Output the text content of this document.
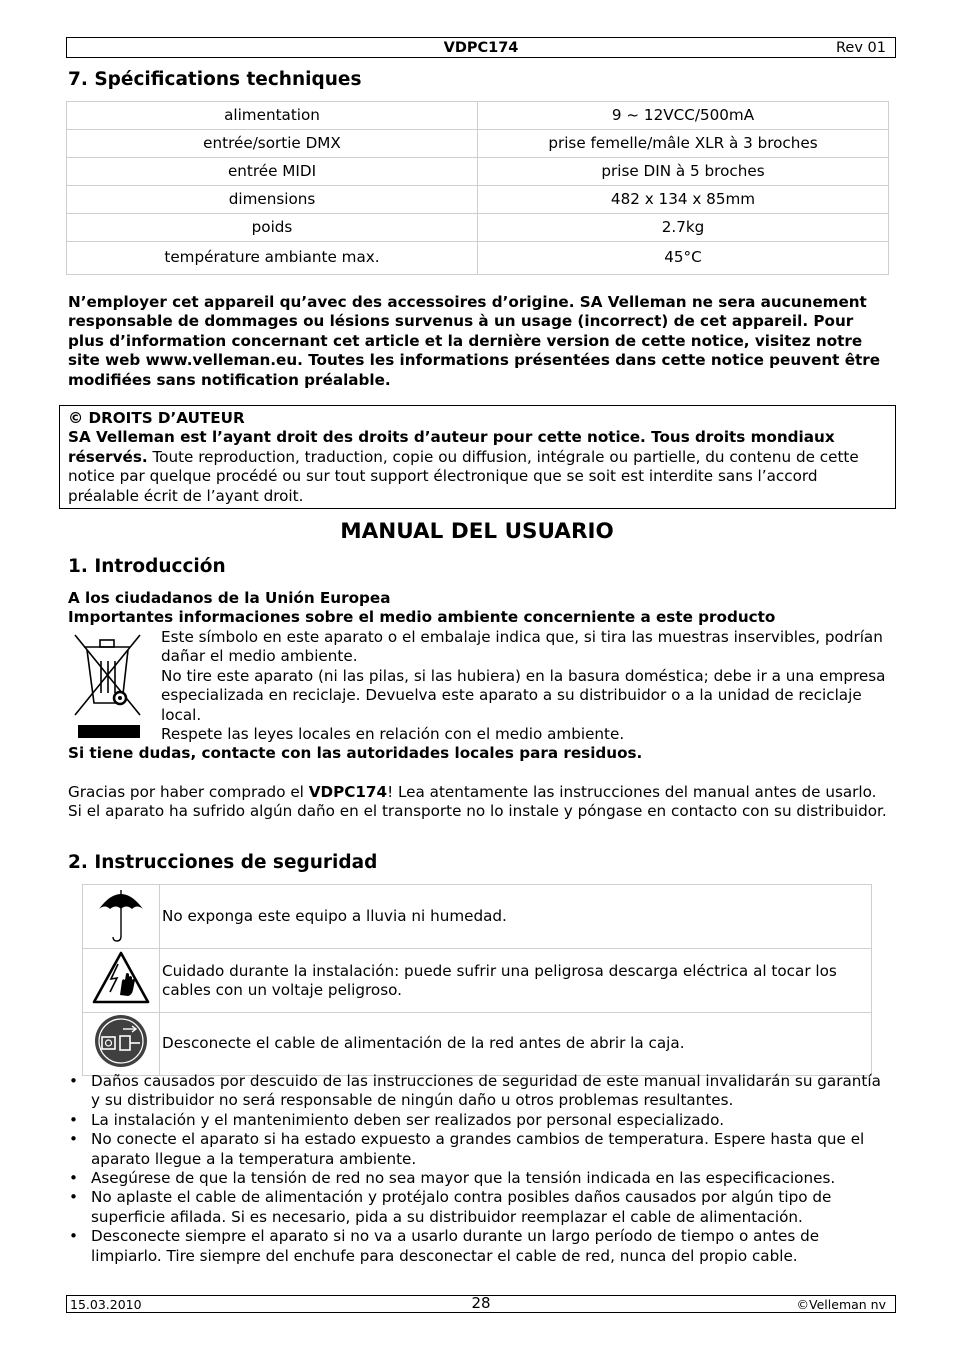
VDPC174	Rev 01
7. Spécifications techniques
alimentation	9 ~ 12VCC/500mA
entrée/sortie DMX	prise femelle/mâle XLR à 3 broches
entrée MIDI	prise DIN à 5 broches
dimensions	482 x 134 x 85mm
poids	2.7kg
température ambiante max.	45°C

N’employer cet appareil qu’avec des accessoires d’origine. SA Velleman ne sera aucunement responsable de dommages ou lésions survenus à un usage (incorrect) de cet appareil. Pour plus d’information concernant cet article et la dernière version de cette notice, visitez notre site web www.velleman.eu. Toutes les informations présentées dans cette notice peuvent être modifiées sans notification préalable.

© DROITS D’AUTEUR
SA Velleman est l’ayant droit des droits d’auteur pour cette notice. Tous droits mondiaux réservés. Toute reproduction, traduction, copie ou diffusion, intégrale ou partielle, du contenu de cette notice par quelque procédé ou sur tout support électronique que se soit est interdite sans l’accord préalable écrit de l’ayant droit.
MANUAL DEL USUARIO
1. Introducción

A los ciudadanos de la Unión Europea

Importantes informaciones sobre el medio ambiente concerniente a este producto

Este símbolo en este aparato o el embalaje indica que, si tira las muestras inservibles, podrían dañar el medio ambiente.
No tire este aparato (ni las pilas, si las hubiera) en la basura doméstica; debe ir a una empresa especializada en reciclaje. Devuelva este aparato a su distribuidor o a la unidad de reciclaje local.
Respete las leyes locales en relación con el medio ambiente.

Si tiene dudas, contacte con las autoridades locales para residuos.

Gracias por haber comprado el VDPC174! Lea atentamente las instrucciones del manual antes de usarlo. Si el aparato ha sufrido algún daño en el transporte no lo instale y póngase en contacto con su distribuidor.

2. Instrucciones de seguridad
	No exponga este equipo a lluvia ni humedad.
	Cuidado durante la instalación: puede sufrir una peligrosa descarga eléctrica al tocar los cables con un voltaje peligroso.
	Desconecte el cable de alimentación de la red antes de abrir la caja.
• Daños causados por descuido de las instrucciones de seguridad de este manual invalidarán su garantía y su distribuidor no será responsable de ningún daño u otros problemas resultantes.
• La instalación y el mantenimiento deben ser realizados por personal especializado.
• No conecte el aparato si ha estado expuesto a grandes cambios de temperatura. Espere hasta que el aparato llegue a la temperatura ambiente.
• Asegúrese de que la tensión de red no sea mayor que la tensión indicada en las especificaciones.
• No aplaste el cable de alimentación y protéjalo contra posibles daños causados por algún tipo de superficie afilada. Si es necesario, pida a su distribuidor reemplazar el cable de alimentación.
• Desconecte siempre el aparato si no va a usarlo durante un largo período de tiempo o antes de limpiarlo. Tire siempre del enchufe para desconectar el cable de red, nunca del propio cable.
15.03.2010	28	©Velleman nv
